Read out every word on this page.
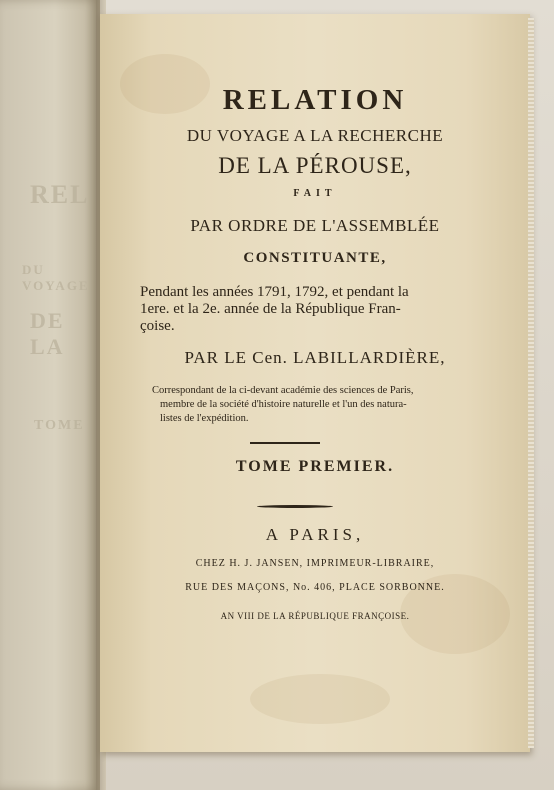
REL
DU VOYAGE
DE LA
TOME
RELATION
DU VOYAGE A LA RECHERCHE
DE LA PÉROUSE,
FAIT
PAR ORDRE DE L'ASSEMBLÉE
CONSTITUANTE,
Pendant les années 1791, 1792, et pendant la
1ere. et la 2e. année de la République Fran-
çoise.
PAR LE Cen. LABILLARDIÈRE,
Correspondant de la ci-devant académie des sciences de Paris,
membre de la société d'histoire naturelle et l'un des natura-
listes de l'expédition.
TOME PREMIER.
A PARIS,
CHEZ H. J. JANSEN, IMPRIMEUR-LIBRAIRE,
RUE DES MAÇONS, No. 406, PLACE SORBONNE.
AN VIII DE LA RÉPUBLIQUE FRANÇOISE.
